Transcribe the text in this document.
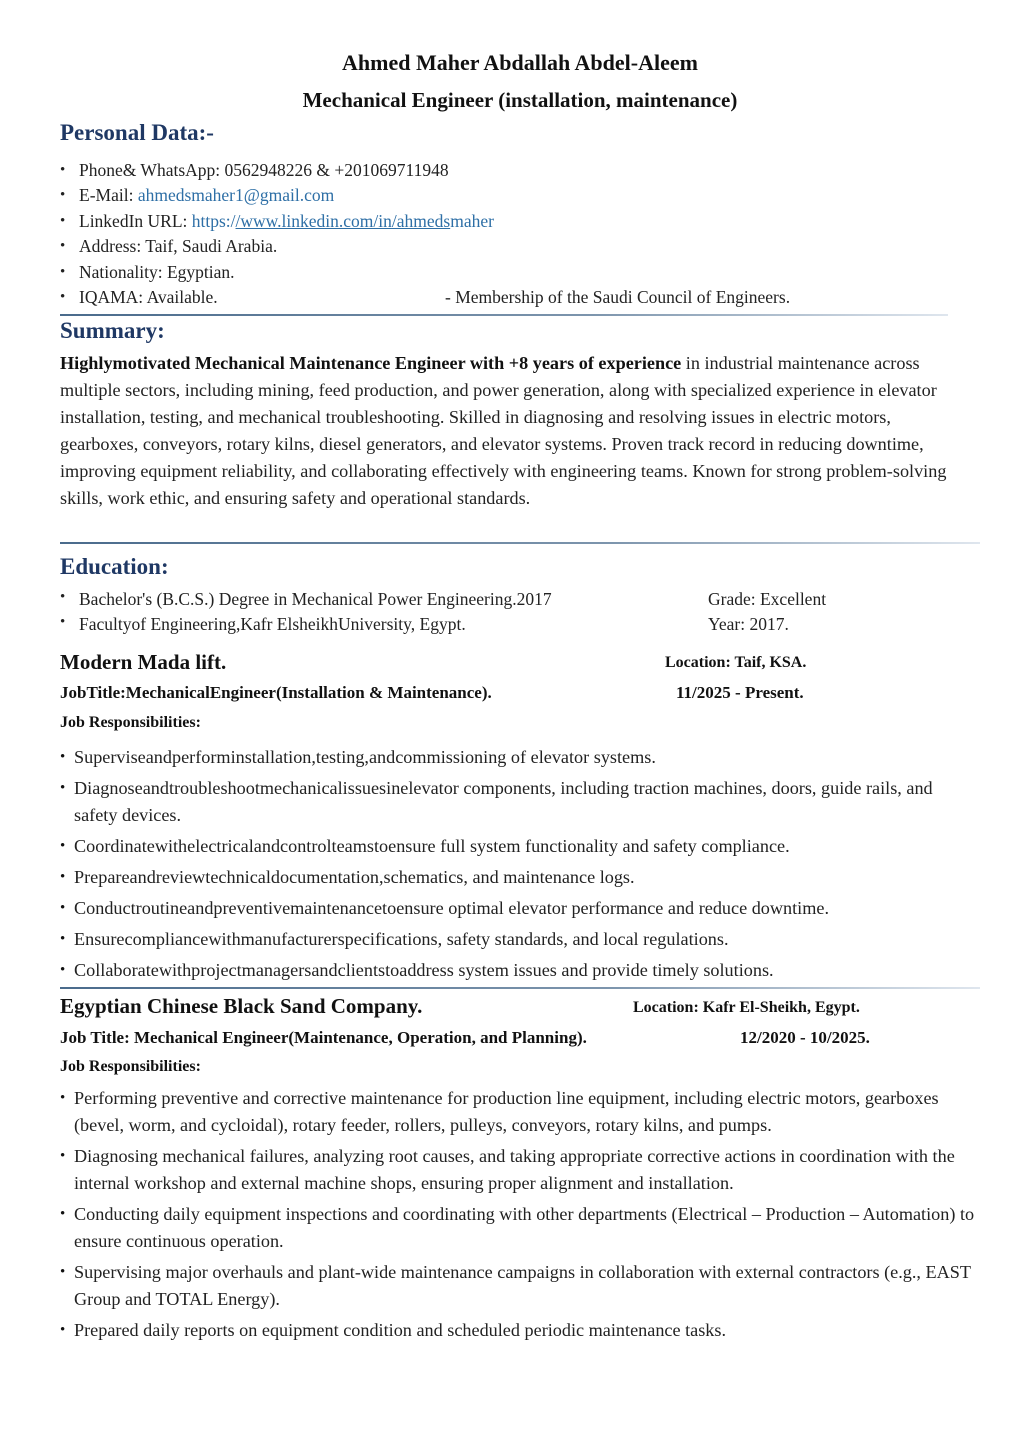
Ahmed Maher Abdallah Abdel-Aleem
Mechanical Engineer (installation, maintenance)
Personal Data:-
• Phone& WhatsApp: 0562948226 & +201069711948
• E-Mail: ahmedsmaher1@gmail.com
• LinkedIn URL: https://www.linkedin.com/in/ahmedsmaher
• Address: Taif, Saudi Arabia.
• Nationality: Egyptian.
• IQAMA: Available.	- Membership of the Saudi Council of Engineers.
Summary:
Highlymotivated Mechanical Maintenance Engineer with +8 years of experience in industrial maintenance across multiple sectors, including mining, feed production, and power generation, along with specialized experience in elevator installation, testing, and mechanical troubleshooting. Skilled in diagnosing and resolving issues in electric motors, gearboxes, conveyors, rotary kilns, diesel generators, and elevator systems. Proven track record in reducing downtime, improving equipment reliability, and collaborating effectively with engineering teams. Known for strong problem-solving skills, work ethic, and ensuring safety and operational standards.
Education:
Bachelor's (B.C.S.) Degree in Mechanical Power Engineering.2017	Grade: Excellent
Facultyof Engineering,Kafr ElsheikhUniversity, Egypt.	Year: 2017.
Modern Mada lift.	Location: Taif, KSA.
JobTitle:MechanicalEngineer(Installation & Maintenance).	11/2025 - Present.
Job Responsibilities:
• Superviseandperforminstallation,testing,andcommissioning of elevator systems.
• Diagnoseandtroubleshootmechanicalissuesinelevator components, including traction machines, doors, guide rails, and safety devices.
• Coordinatewithelectricalandcontrolteamstoensure full system functionality and safety compliance.
• Prepareandreviewtechnicaldocumentation,schematics, and maintenance logs.
• Conductroutineandpreventivemaintenancetoensure optimal elevator performance and reduce downtime.
• Ensurecompliancewithmanufacturerspecifications, safety standards, and local regulations.
• Collaboratewithprojectmanagersandclientstoaddress system issues and provide timely solutions.
Egyptian Chinese Black Sand Company.	Location: Kafr El-Sheikh, Egypt.
Job Title: Mechanical Engineer(Maintenance, Operation, and Planning).	12/2020 - 10/2025.
Job Responsibilities:
• Performing preventive and corrective maintenance for production line equipment, including electric motors, gearboxes (bevel, worm, and cycloidal), rotary feeder, rollers, pulleys, conveyors, rotary kilns, and pumps.
• Diagnosing mechanical failures, analyzing root causes, and taking appropriate corrective actions in coordination with the internal workshop and external machine shops, ensuring proper alignment and installation.
• Conducting daily equipment inspections and coordinating with other departments (Electrical – Production – Automation) to ensure continuous operation.
• Supervising major overhauls and plant-wide maintenance campaigns in collaboration with external contractors (e.g., EAST Group and TOTAL Energy).
• Prepared daily reports on equipment condition and scheduled periodic maintenance tasks.
